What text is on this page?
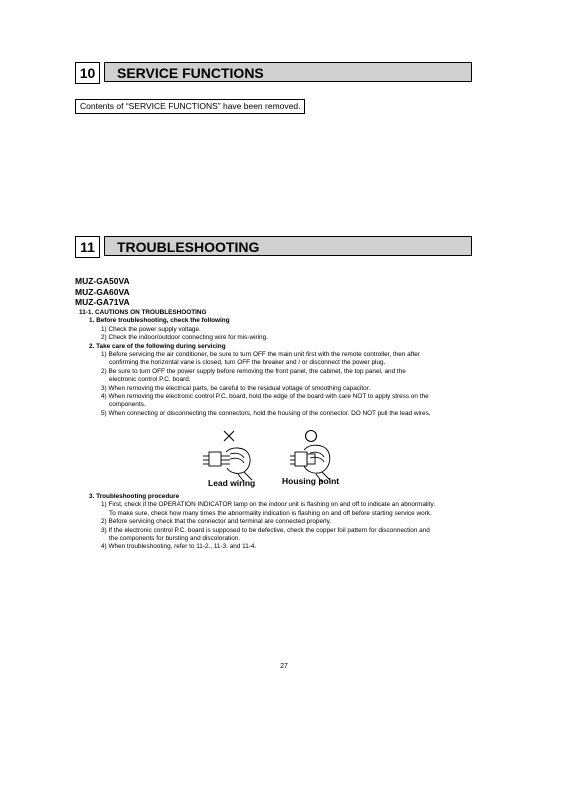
10	SERVICE FUNCTIONS
Contents of “SERVICE FUNCTIONS” have been removed.
11	TROUBLESHOOTING
MUZ-GA50VA
MUZ-GA60VA
MUZ-GA71VA
11-1. CAUTIONS ON TROUBLESHOOTING
1. Before troubleshooting, check the following
1) Check the power supply voltage.
2) Check the indoor/outdoor connecting wire for mis-wiring.
2. Take care of the following during servicing
1) Before servicing the air conditioner, be sure to turn OFF the main unit first with the remote controller, then after
confirming the horizontal vane is closed, turn OFF the breaker and / or disconnect the power plug.
2) Be sure to turn OFF the power supply before removing the front panel, the cabinet, the top panel, and the
electronic control P.C. board.
3) When removing the electrical parts, be careful to the residual voltage of smoothing capacitor.
4) When removing the electronic control P.C. board, hold the edge of the board with care NOT to apply stress on the
components.
5) When connecting or disconnecting the connectors, hold the housing of the connector. DO NOT pull the lead wires.
Lead wiring	Housing point
3. Troubleshooting procedure
1) First, check if the OPERATION INDICATOR lamp on the indoor unit is flashing on and off to indicate an abnormality.
To make sure, check how many times the abnormality indication is flashing on and off before starting service work.
2) Before servicing check that the connector and terminal are connected properly.
3) If the electronic control P.C. board is supposed to be defective, check the copper foil pattern for disconnection and
the components for bursting and discoloration.
4) When troubleshooting, refer to 11-2., 11-3. and 11-4.
27
